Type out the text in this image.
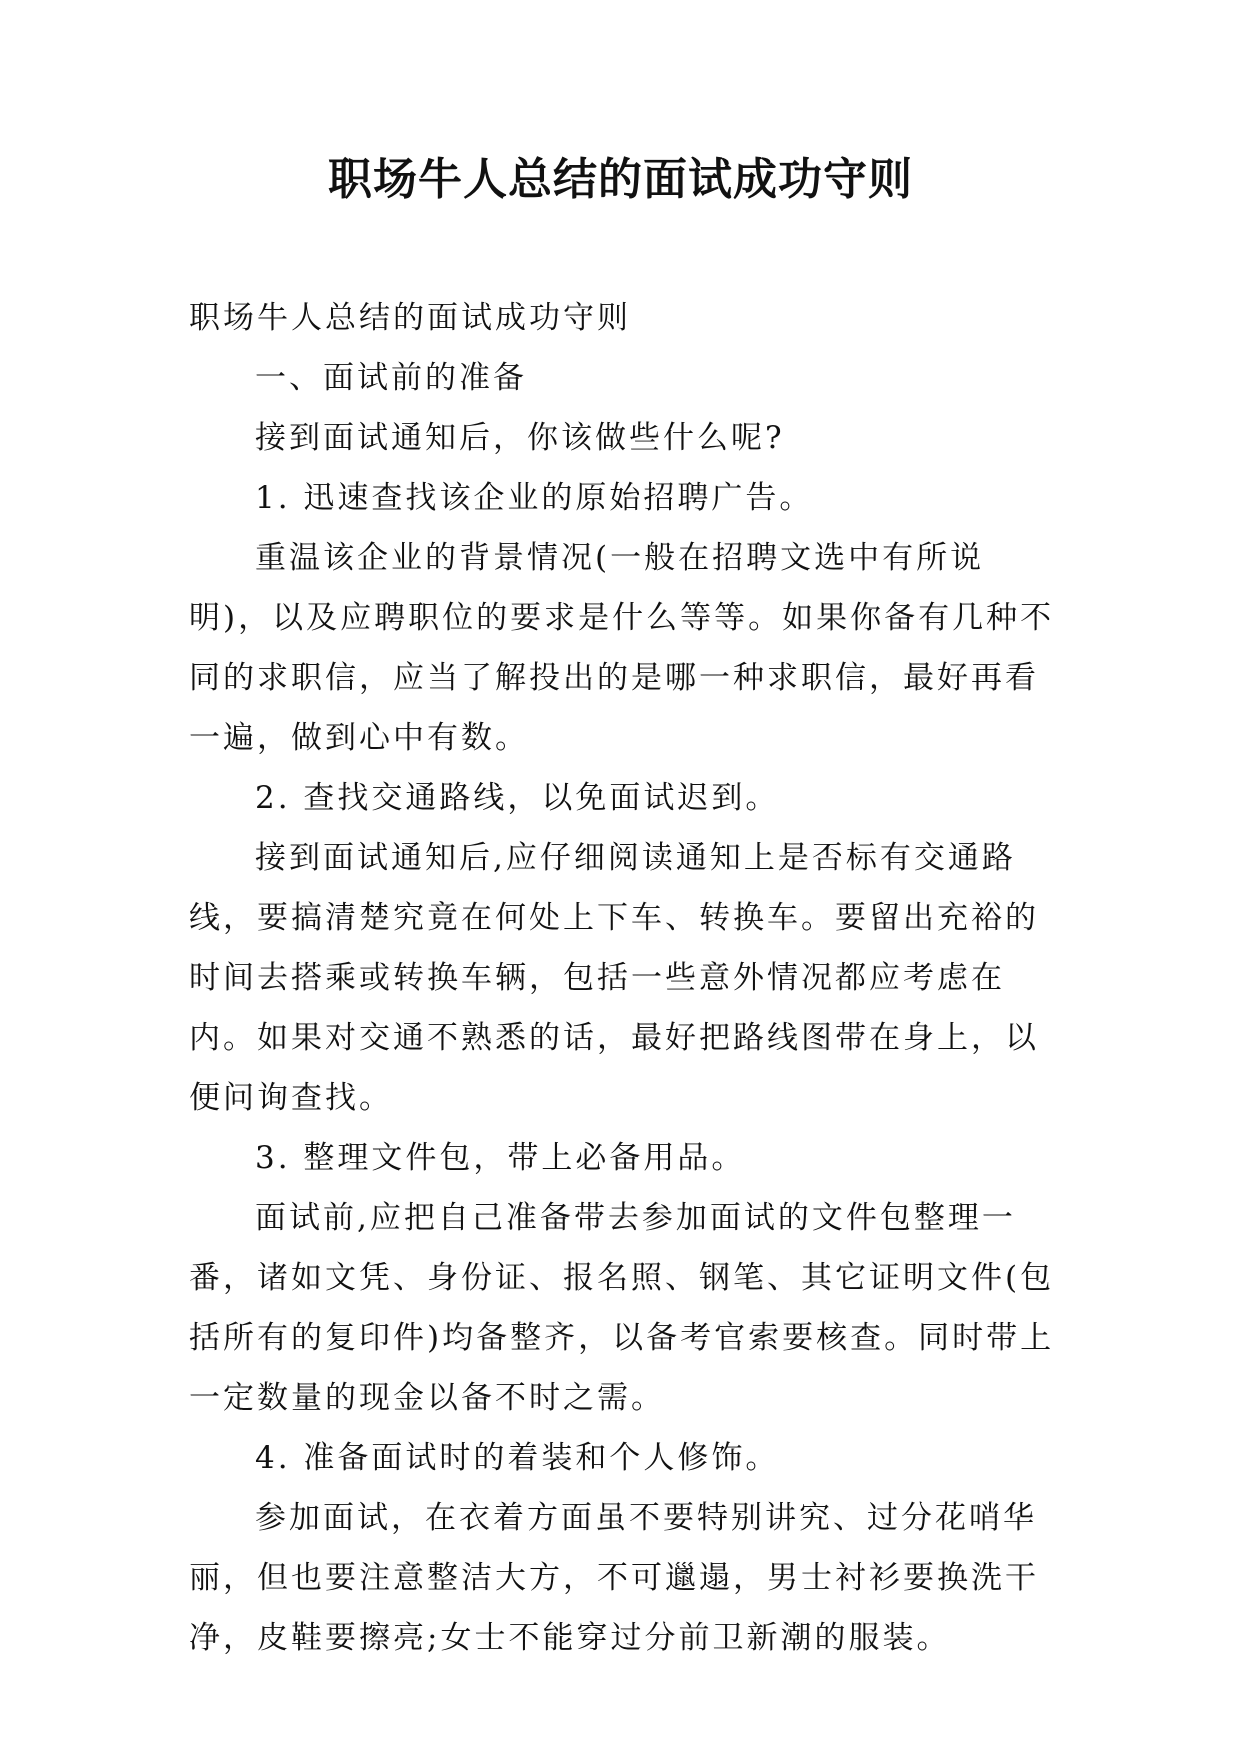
职场牛人总结的面试成功守则

职场牛人总结的面试成功守则

一、面试前的准备

接到面试通知后，你该做些什么呢?

1. 迅速查找该企业的原始招聘广告。

重温该企业的背景情况(一般在招聘文选中有所说明)，以及应聘职位的要求是什么等等。如果你备有几种不同的求职信，应当了解投出的是哪一种求职信，最好再看一遍，做到心中有数。

2. 查找交通路线，以免面试迟到。

接到面试通知后,应仔细阅读通知上是否标有交通路线，要搞清楚究竟在何处上下车、转换车。要留出充裕的时间去搭乘或转换车辆，包括一些意外情况都应考虑在内。如果对交通不熟悉的话，最好把路线图带在身上，以便问询查找。

3. 整理文件包，带上必备用品。

面试前,应把自己准备带去参加面试的文件包整理一番，诸如文凭、身份证、报名照、钢笔、其它证明文件(包括所有的复印件)均备整齐，以备考官索要核查。同时带上一定数量的现金以备不时之需。

4. 准备面试时的着装和个人修饰。

参加面试，在衣着方面虽不要特别讲究、过分花哨华丽，但也要注意整洁大方，不可邋遢，男士衬衫要换洗干净，皮鞋要擦亮;女士不能穿过分前卫新潮的服装。
